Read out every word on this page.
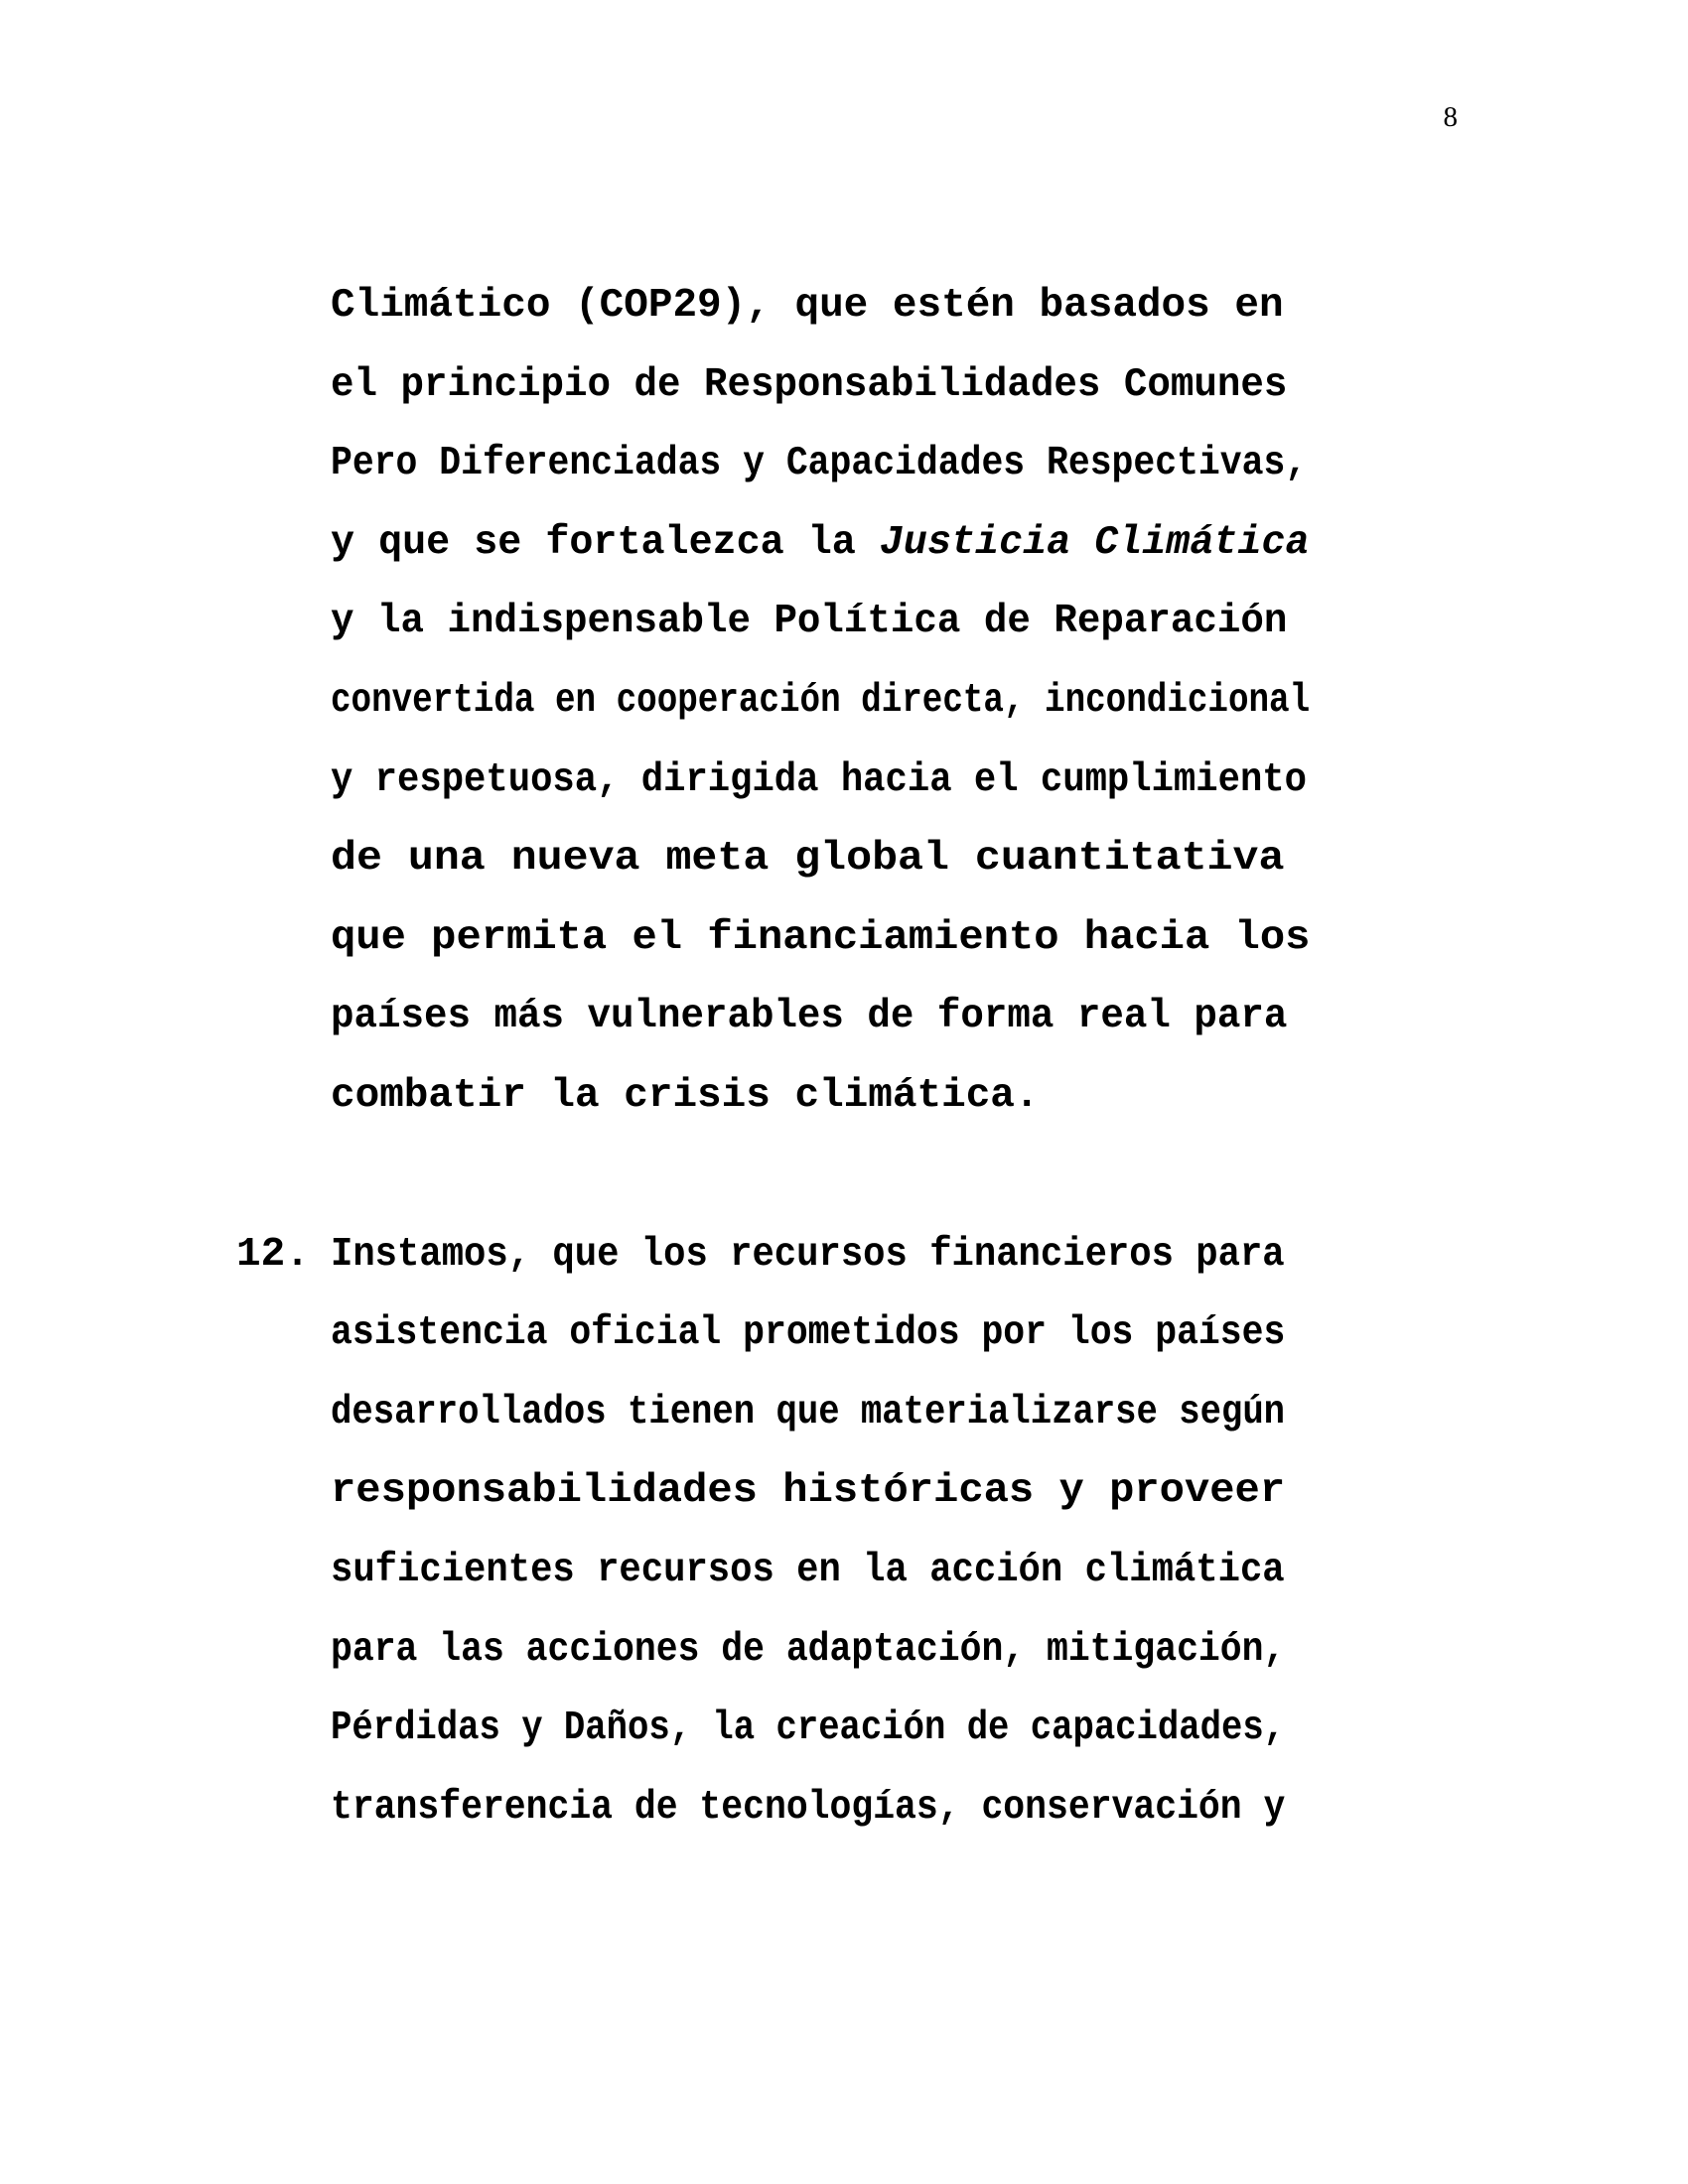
8
Climático (COP29), que estén basados en
el principio de Responsabilidades Comunes
Pero Diferenciadas y Capacidades Respectivas,
y que se fortalezca la Justicia Climática
y la indispensable Política de Reparación
convertida en cooperación directa, incondicional
y respetuosa, dirigida hacia el cumplimiento
de una nueva meta global cuantitativa
que permita el financiamiento hacia los
países más vulnerables de forma real para
combatir la crisis climática.
12. Instamos, que los recursos financieros para
asistencia oficial prometidos por los países
desarrollados tienen que materializarse según
responsabilidades históricas y proveer
suficientes recursos en la acción climática
para las acciones de adaptación, mitigación,
Pérdidas y Daños, la creación de capacidades,
transferencia de tecnologías, conservación y
